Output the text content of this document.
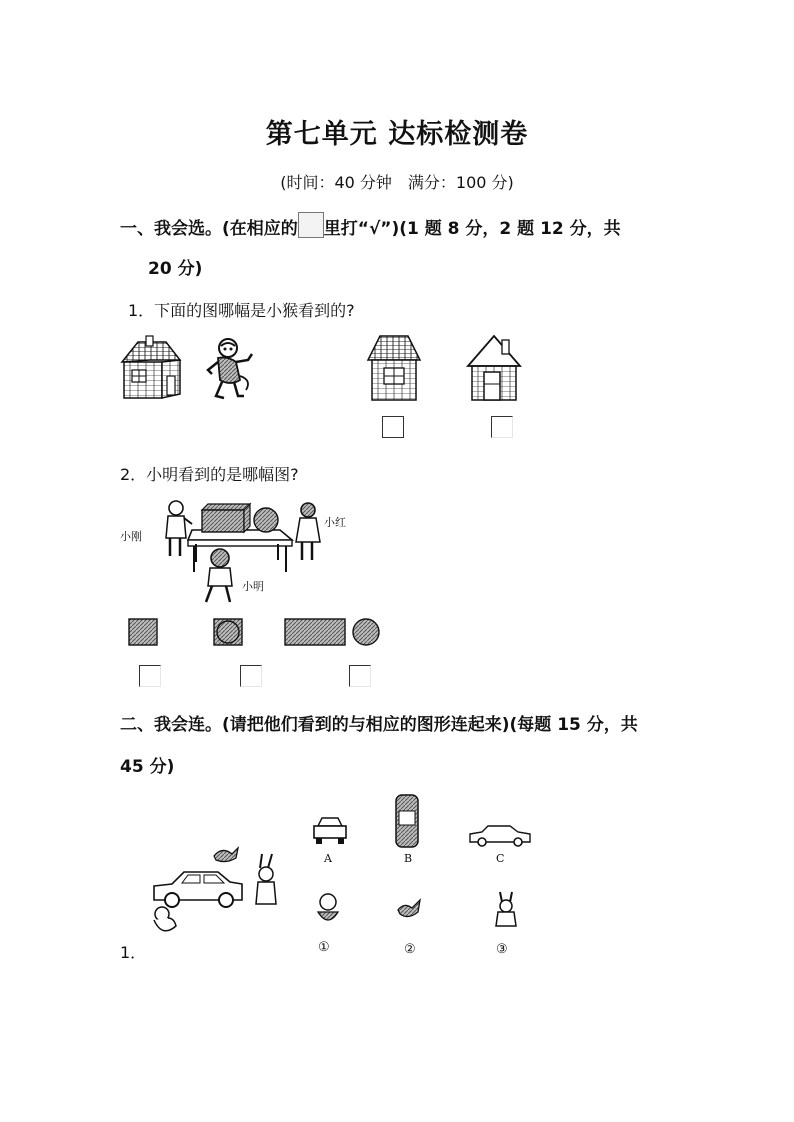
第七单元 达标检测卷
(时间：40 分钟　满分：100 分)
一、我会选。(在相应的 里打“√”)(1 题 8 分，2 题 12 分，共
20 分)
1．下面的图哪幅是小猴看到的?
2．小明看到的是哪幅图?
小刚
小红
小明
二、我会连。(请把他们看到的与相应的图形连起来)(每题 15 分，共
45 分)
1．
A	B	C
①	②	③
